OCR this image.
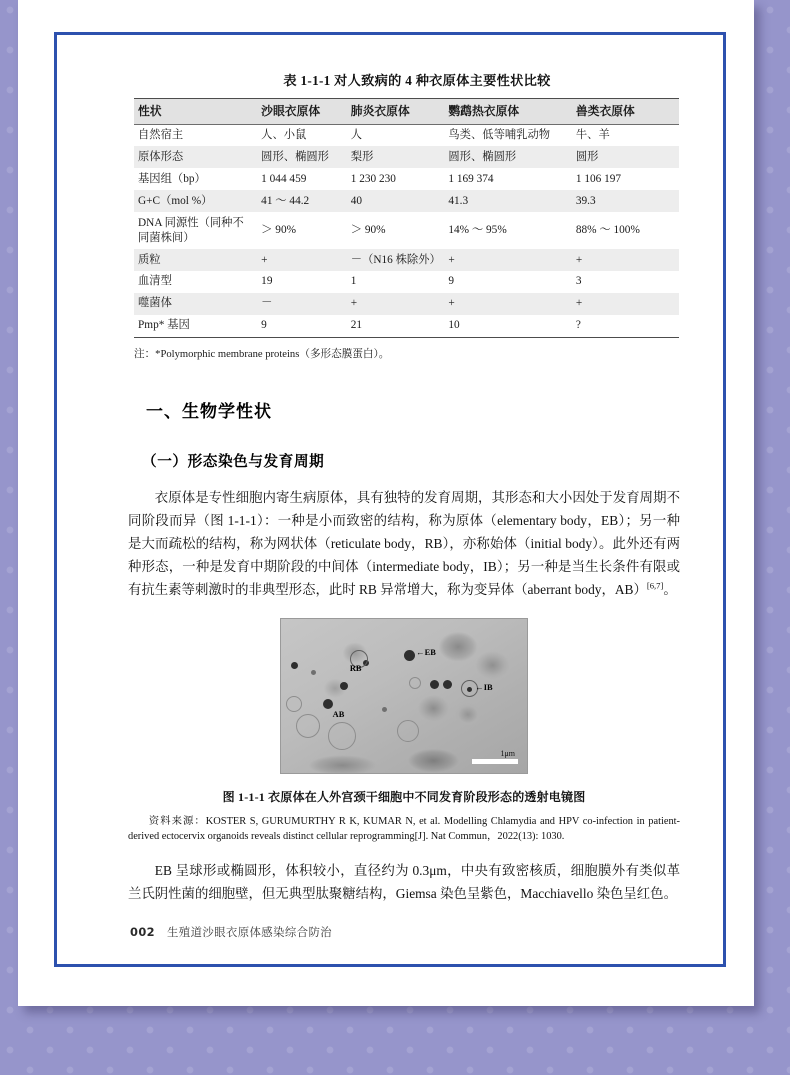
表 1-1-1 对人致病的 4 种衣原体主要性状比较
性状	沙眼衣原体	肺炎衣原体	鹦鹉热衣原体	兽类衣原体
自然宿主	人、小鼠	人	鸟类、低等哺乳动物	牛、羊
原体形态	圆形、椭圆形	梨形	圆形、椭圆形	圆形
基因组（bp）	1 044 459	1 230 230	1 169 374	1 106 197
G+C（mol %）	41 ～ 44.2	40	41.3	39.3
DNA 同源性（同种不同菌株间）	＞ 90%	＞ 90%	14% ～ 95%	88% ～ 100%
质粒	+	－（N16 株除外）	+	+
血清型	19	1	9	3
噬菌体	－	+	+	+
Pmp* 基因	9	21	10	?
注：*Polymorphic membrane proteins（多形态膜蛋白）。
一、生物学性状
（一）形态染色与发育周期

衣原体是专性细胞内寄生病原体，具有独特的发育周期，其形态和大小因处于发育周期不同阶段而异（图 1-1-1）：一种是小而致密的结构，称为原体（elementary body，EB）；另一种是大而疏松的结构，称为网状体（reticulate body，RB），亦称始体（initial body）。此外还有两种形态，一种是发育中期阶段的中间体（intermediate body，IB）；另一种是当生长条件有限或有抗生素等刺激时的非典型形态，此时 RB 异常增大，称为变异体（aberrant body，AB）[6,7]。

←EB
RB
←IB
AB
1μm
图 1-1-1 衣原体在人外宫颈干细胞中不同发育阶段形态的透射电镜图

资料来源：KOSTER S, GURUMURTHY R K, KUMAR N, et al. Modelling Chlamydia and HPV co-infection in patient-derived ectocervix organoids reveals distinct cellular reprogramming[J]. Nat Commun，2022(13): 1030.

EB 呈球形或椭圆形，体积较小，直径约为 0.3μm，中央有致密核质，细胞膜外有类似革兰氏阴性菌的细胞壁，但无典型肽聚糖结构，Giemsa 染色呈紫色，Macchiavello 染色呈红色。

002 生殖道沙眼衣原体感染综合防治
